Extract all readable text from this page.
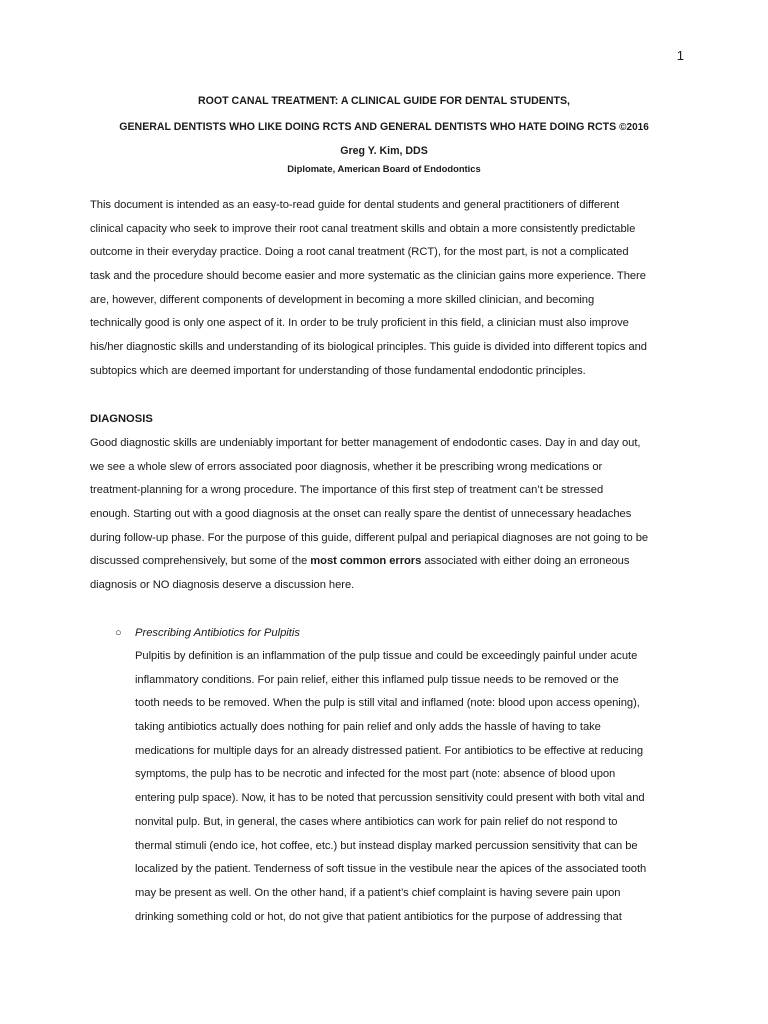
1
ROOT CANAL TREATMENT: A CLINICAL GUIDE FOR DENTAL STUDENTS,
GENERAL DENTISTS WHO LIKE DOING RCTS AND GENERAL DENTISTS WHO HATE DOING RCTS ©2016
Greg Y. Kim, DDS
Diplomate, American Board of Endodontics
This document is intended as an easy-to-read guide for dental students and general practitioners of different
clinical capacity who seek to improve their root canal treatment skills and obtain a more consistently predictable
outcome in their everyday practice. Doing a root canal treatment (RCT), for the most part, is not a complicated
task and the procedure should become easier and more systematic as the clinician gains more experience. There
are, however, different components of development in becoming a more skilled clinician, and becoming
technically good is only one aspect of it. In order to be truly proficient in this field, a clinician must also improve
his/her diagnostic skills and understanding of its biological principles. This guide is divided into different topics and
subtopics which are deemed important for understanding of those fundamental endodontic principles.
DIAGNOSIS
Good diagnostic skills are undeniably important for better management of endodontic cases. Day in and day out,
we see a whole slew of errors associated poor diagnosis, whether it be prescribing wrong medications or
treatment-planning for a wrong procedure. The importance of this first step of treatment can’t be stressed
enough. Starting out with a good diagnosis at the onset can really spare the dentist of unnecessary headaches
during follow-up phase. For the purpose of this guide, different pulpal and periapical diagnoses are not going to be
discussed comprehensively, but some of the most common errors associated with either doing an erroneous
diagnosis or NO diagnosis deserve a discussion here.
○ Prescribing Antibiotics for Pulpitis
Pulpitis by definition is an inflammation of the pulp tissue and could be exceedingly painful under acute
inflammatory conditions. For pain relief, either this inflamed pulp tissue needs to be removed or the
tooth needs to be removed. When the pulp is still vital and inflamed (note: blood upon access opening),
taking antibiotics actually does nothing for pain relief and only adds the hassle of having to take
medications for multiple days for an already distressed patient. For antibiotics to be effective at reducing
symptoms, the pulp has to be necrotic and infected for the most part (note: absence of blood upon
entering pulp space). Now, it has to be noted that percussion sensitivity could present with both vital and
nonvital pulp. But, in general, the cases where antibiotics can work for pain relief do not respond to
thermal stimuli (endo ice, hot coffee, etc.) but instead display marked percussion sensitivity that can be
localized by the patient. Tenderness of soft tissue in the vestibule near the apices of the associated tooth
may be present as well. On the other hand, if a patient’s chief complaint is having severe pain upon
drinking something cold or hot, do not give that patient antibiotics for the purpose of addressing that
